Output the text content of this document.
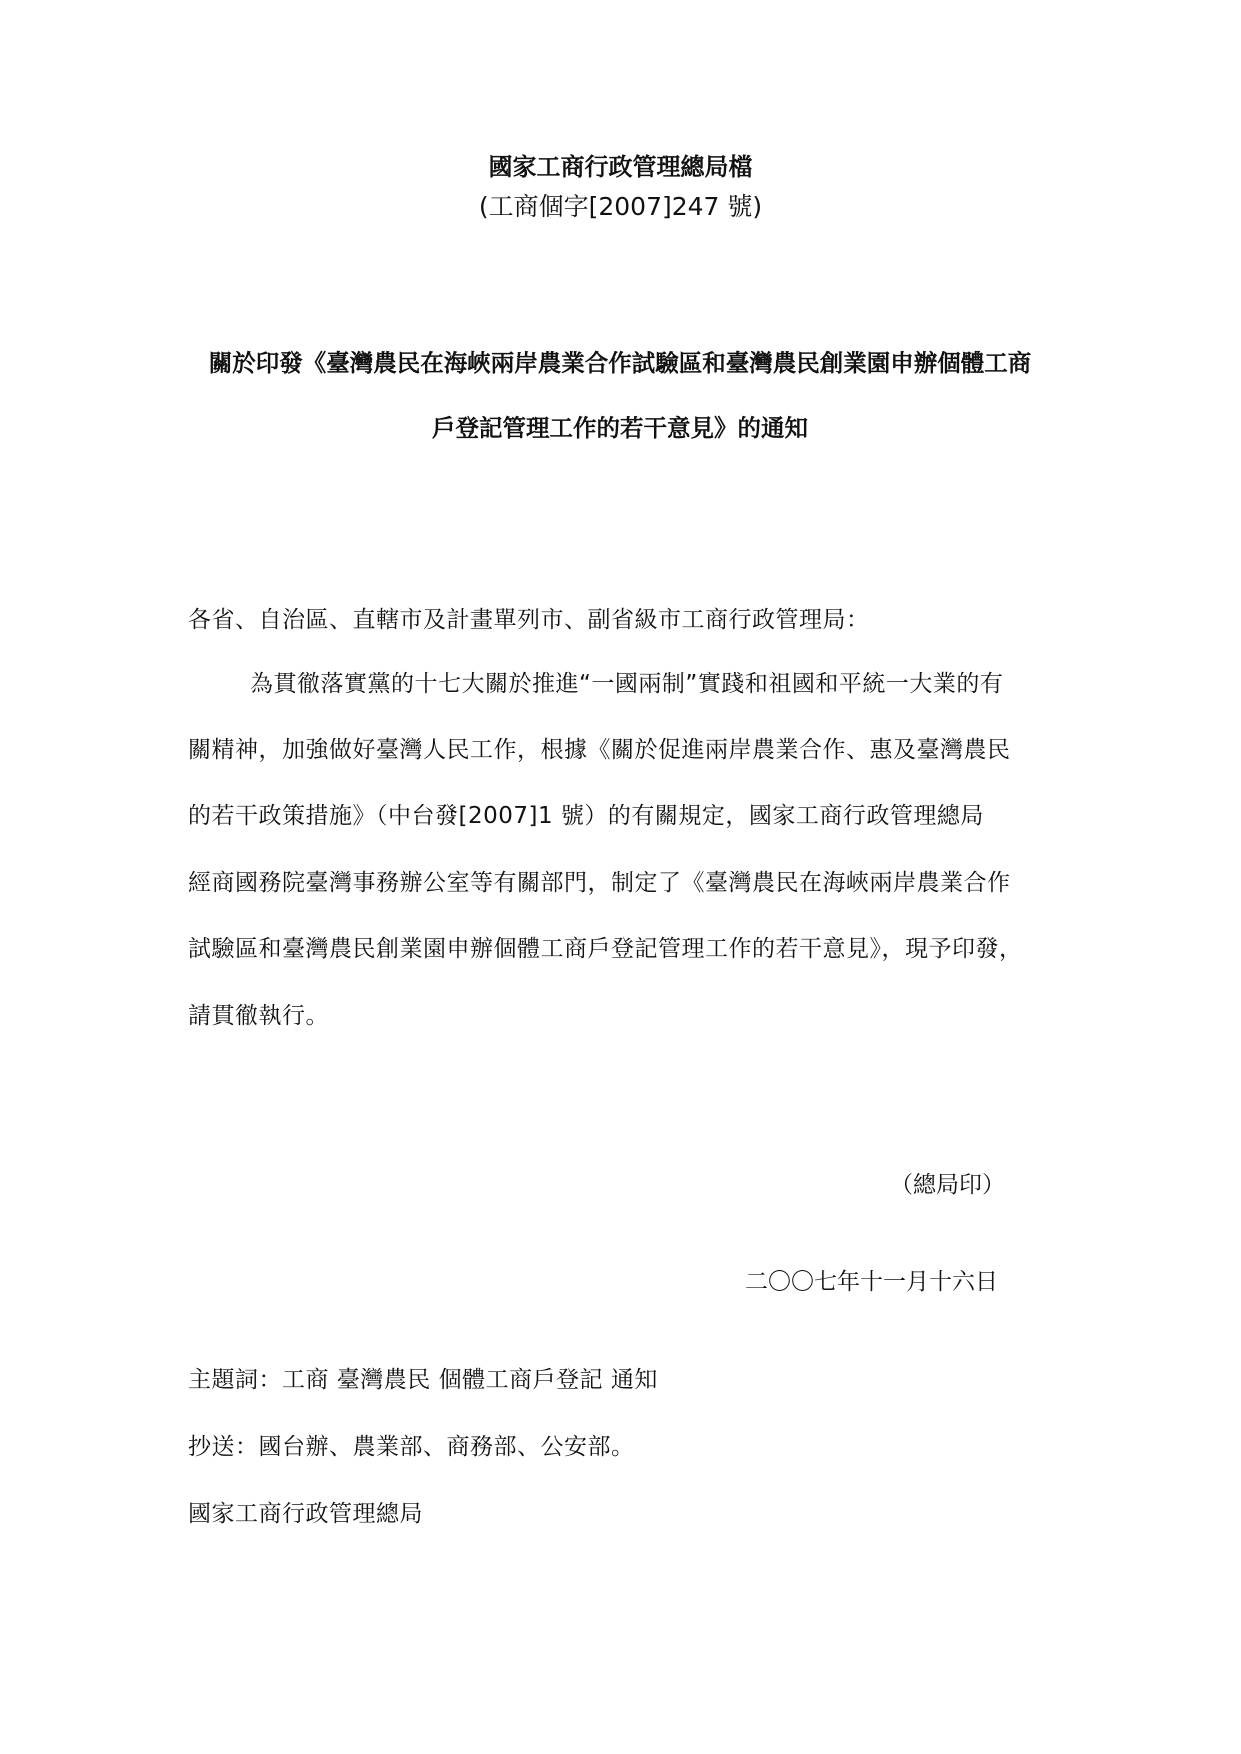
國家工商行政管理總局檔
(工商個字[2007]247 號)
關於印發《臺灣農民在海峽兩岸農業合作試驗區和臺灣農民創業園申辦個體工商
戶登記管理工作的若干意見》的通知
各省、自治區、直轄市及計畫單列市、副省級市工商行政管理局：
為貫徹落實黨的十七大關於推進“一國兩制”實踐和祖國和平統一大業的有
關精神，加強做好臺灣人民工作，根據《關於促進兩岸農業合作、惠及臺灣農民
的若干政策措施》（中台發[2007]1 號）的有關規定，國家工商行政管理總局
經商國務院臺灣事務辦公室等有關部門，制定了《臺灣農民在海峽兩岸農業合作
試驗區和臺灣農民創業園申辦個體工商戶登記管理工作的若干意見》，現予印發，
請貫徹執行。
（總局印）
二〇〇七年十一月十六日
主題詞：工商 臺灣農民 個體工商戶登記 通知
抄送：國台辦、農業部、商務部、公安部。
國家工商行政管理總局
